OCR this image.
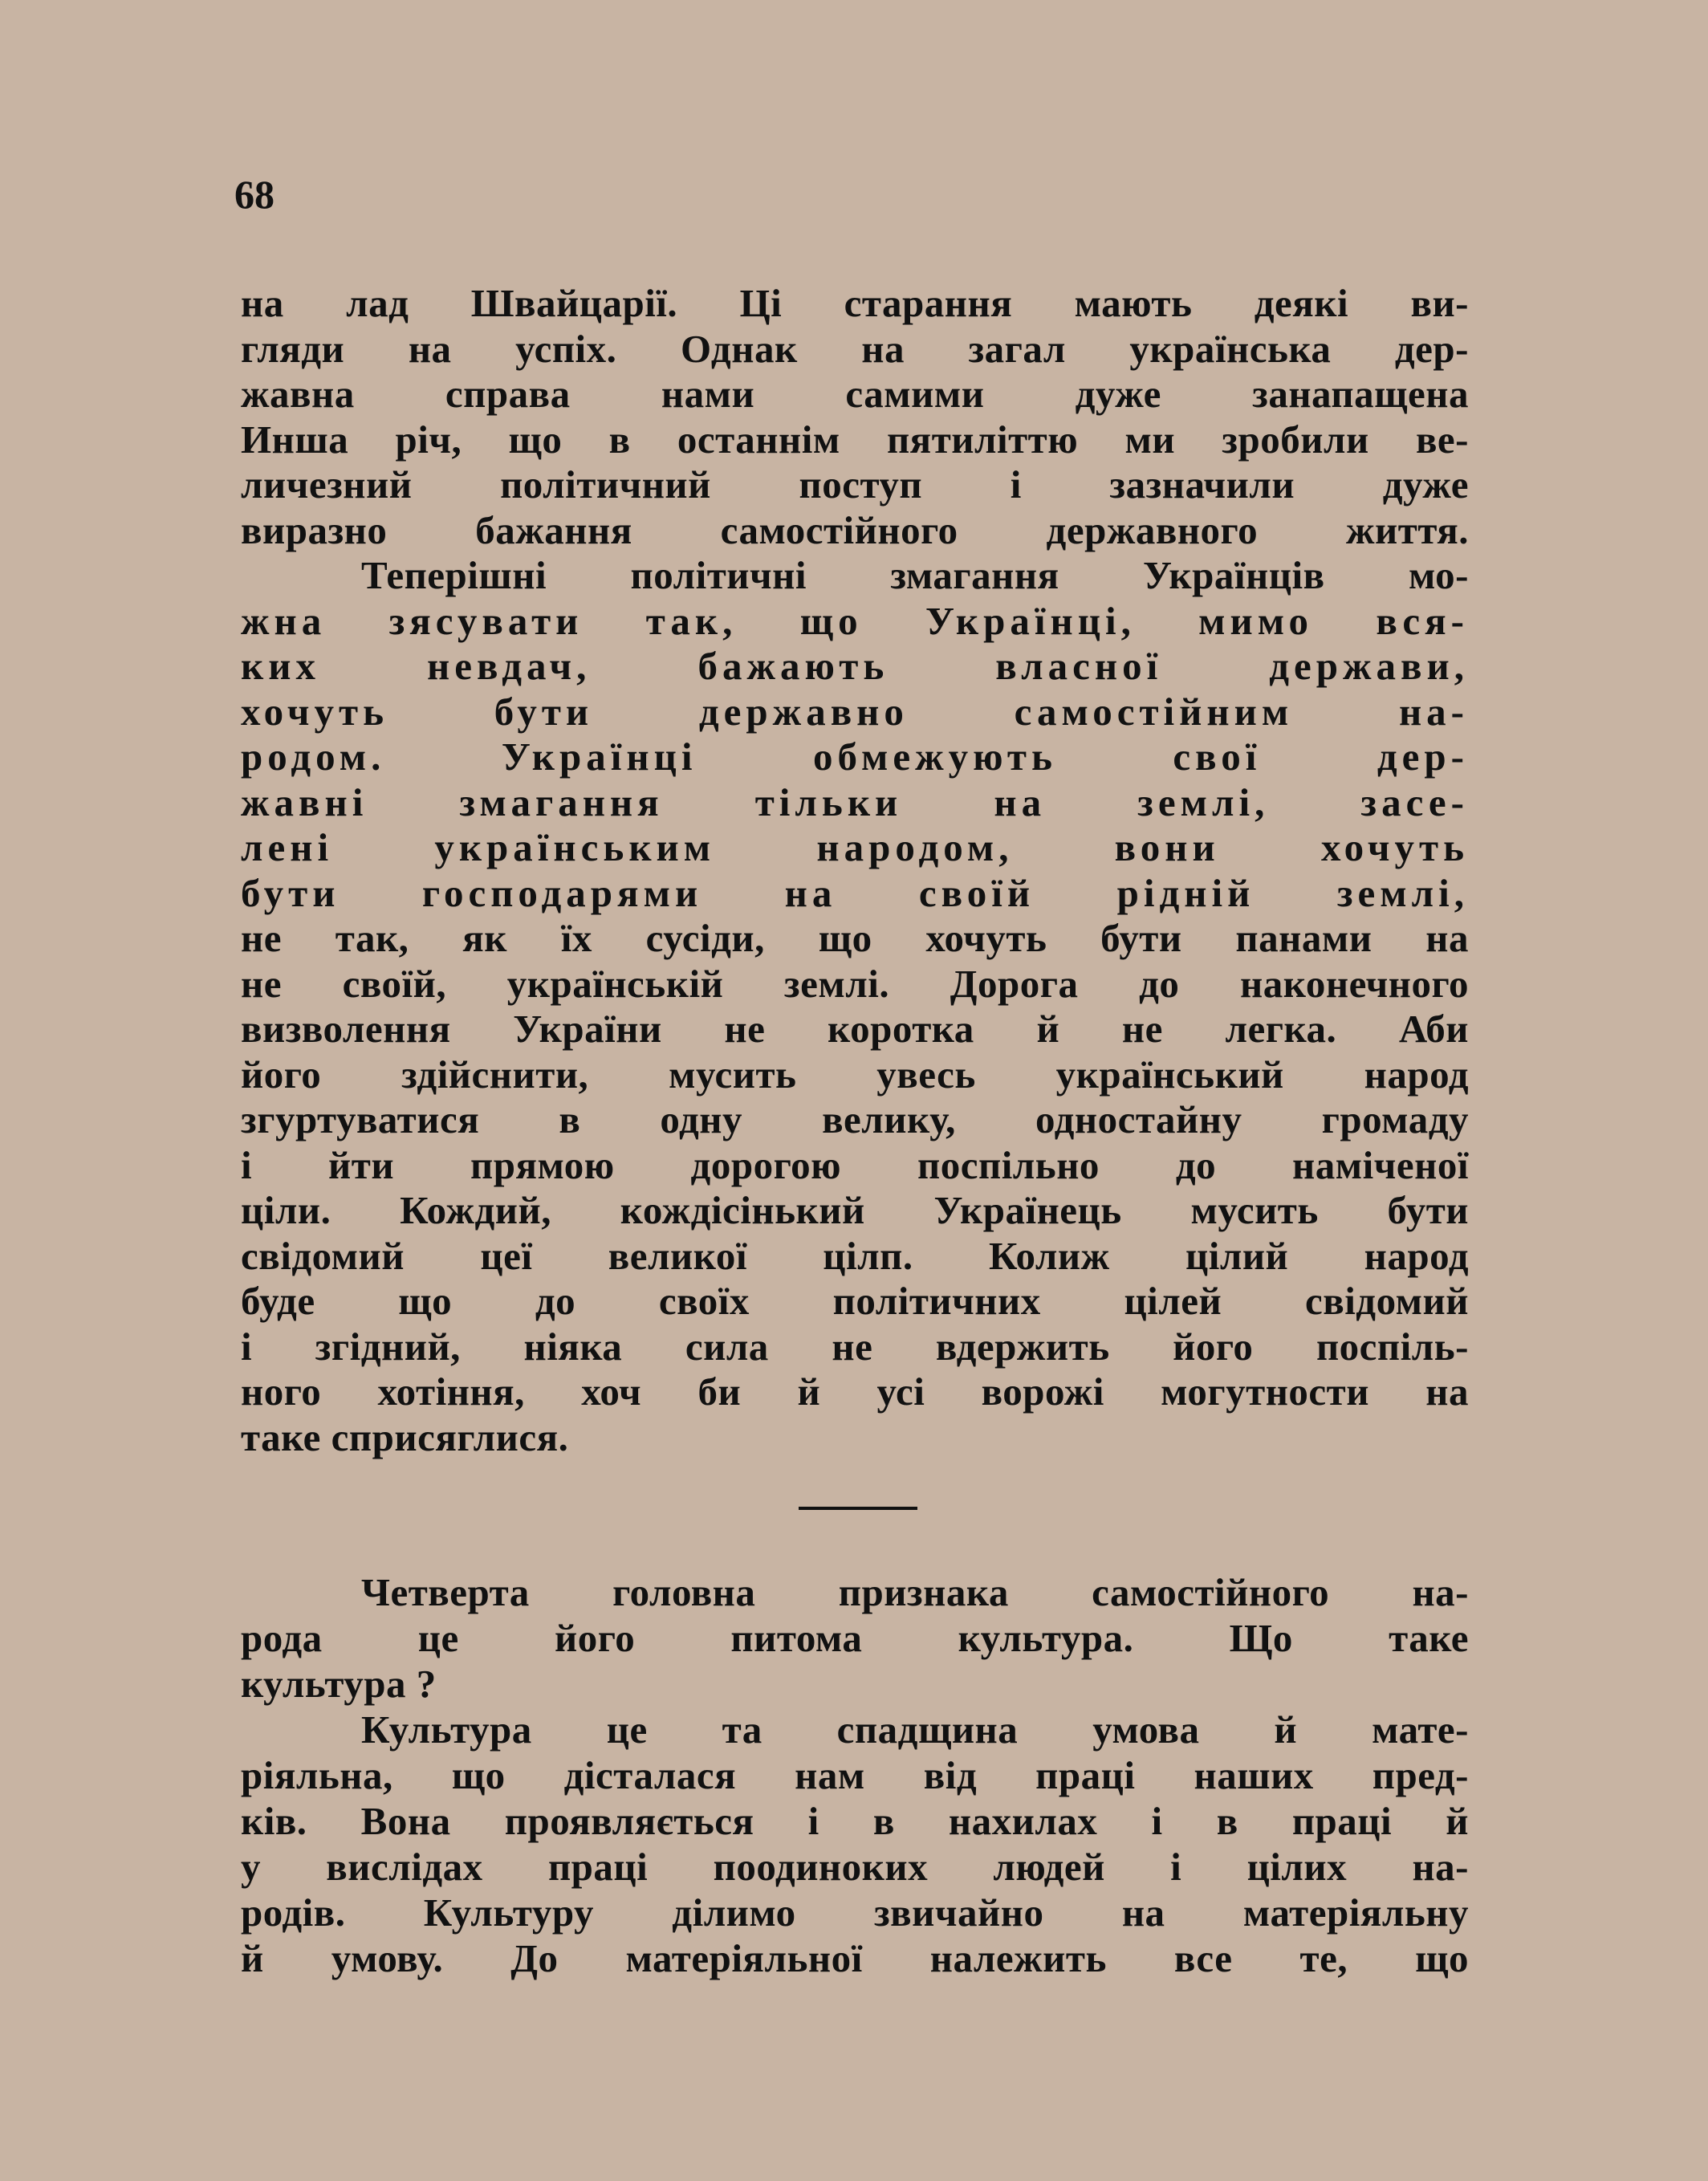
68
на лад Швайцарії. Ці старання мають деякі ви-
гляди на успіх. Однак на загал українська дер-
жавна справа нами самими дуже занапащена
Инша річ, що в останнім пятиліттю ми зробили ве-
личезний політичний поступ і зазначили дуже
виразно бажання самостійного державного життя.
Теперішні політичні змагання Українців мо-
жна зясувати так, що Українці, мимо вся-
ких невдач, бажають власної держави,
хочуть бути державно самостійним на-
родом. Українці обмежують свої дер-
жавні змагання тільки на землі, засе-
лені українським народом, вони хочуть
бути господарями на своїй рідній землі,
не так, як їх сусіди, що хочуть бути панами на
не своїй, українській землі. Дорога до наконечного
визволення України не коротка й не легка. Аби
його здійснити, мусить увесь український народ
згуртуватися в одну велику, одностайну громаду
і йти прямою дорогою поспільно до наміченої
ціли. Кождий, кождісінький Українець мусить бути
свідомий цеї великої цілп. Колиж цілий народ
буде що до своїх політичних цілей свідомий
і згідний, ніяка сила не вдержить його поспіль-
ного хотіння, хоч би й усі ворожі могутности на
таке сприсяглися.
Четверта головна признака самостійного на-
рода це його питома культура. Що таке
культура ?
Культура це та спадщина умова й мате-
ріяльна, що дісталася нам від праці наших пред-
ків. Вона проявляється і в нахилах і в праці й
у вислідах праці поодиноких людей і цілих на-
родів. Культуру ділимо звичайно на матеріяльну
й умову. До матеріяльної належить все те, що
